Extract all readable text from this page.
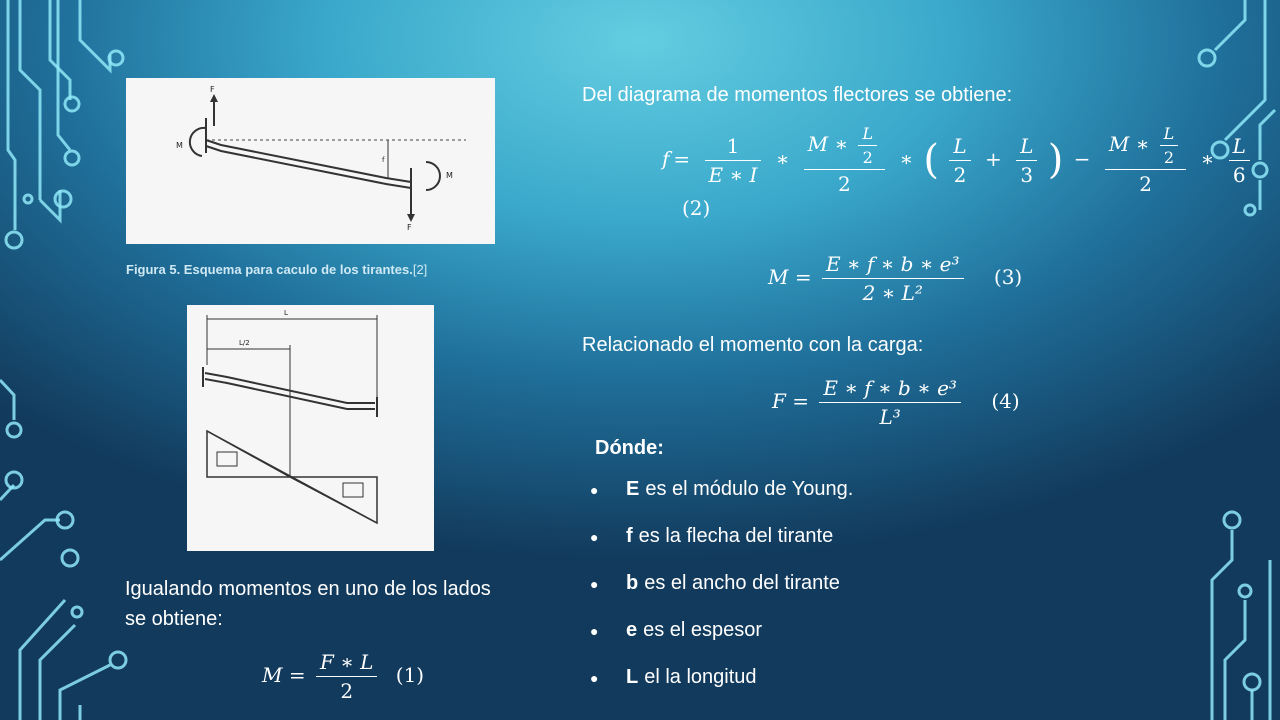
F
M
f
M
F
Figura 5. Esquema para caculo de los tirantes.[2]
L
L/2
Del diagrama de momentos flectores se obtiene:
$f = \frac{1}{E ∗ I}$ ∗ $\frac{M ∗ \frac{L}{2}}{2}$ ∗ ( $\frac{L}{2} + \frac{L}{3}$ ) − $\frac{M ∗ \frac{L}{2}}{2}$ ∗ $\frac{L}{6}$
(2)
$M = \frac{\text{E ∗ f ∗ b ∗ e³}}{\text{2 ∗ L²}} (3)$
Relacionado el momento con la carga:
$F = \frac{\text{E ∗ f ∗ b ∗ e³}}{\text{L³}} (4)$
Dónde:
●	E es el módulo de Young.
●	f es la flecha del tirante
●	b es el ancho del tirante
●	e es el espesor
●	L el la longitud
Igualando momentos en uno de los lados se obtiene:
$M = \frac{F ∗ L}{2} (1)$
